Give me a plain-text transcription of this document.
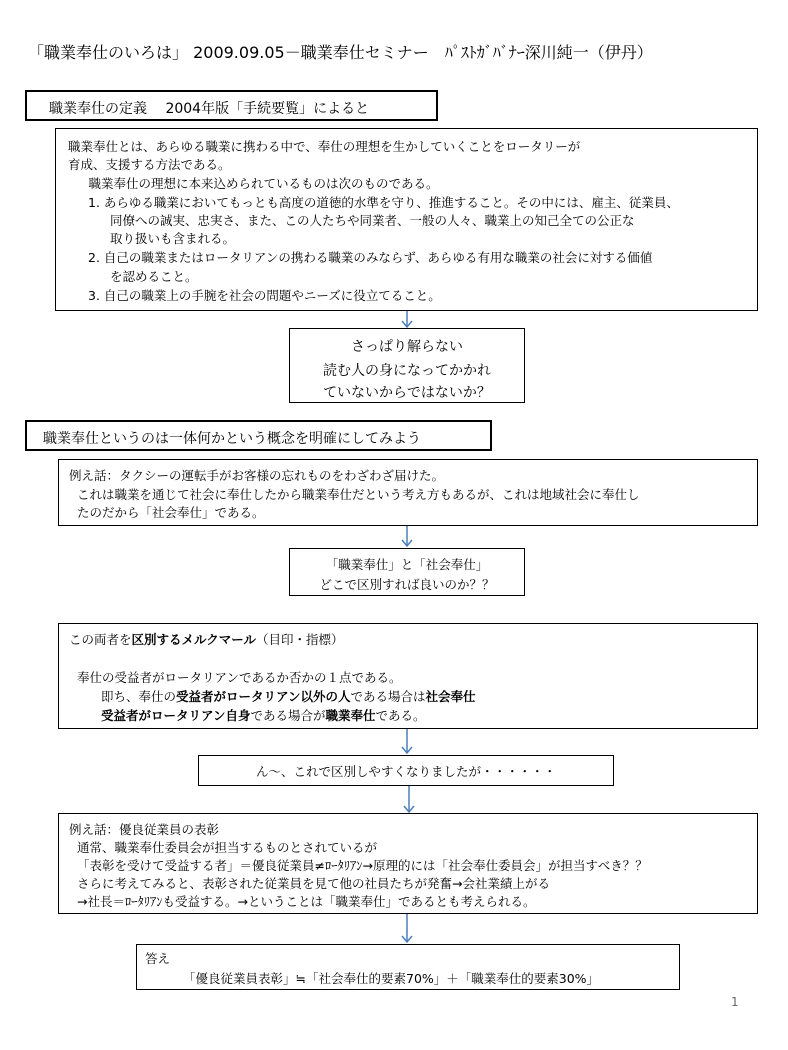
「職業奉仕のいろは」 2009.09.05－職業奉仕セミナー　ﾊﾟｽﾄｶﾞﾊﾞﾅｰ深川純一（伊丹）
職業奉仕の定義　 2004年版「手続要覧」によると
職業奉仕とは、あらゆる職業に携わる中で、奉仕の理想を生かしていくことをロータリーが
育成、支援する方法である。
　職業奉仕の理想に本来込められているものは次のものである。
1. あらゆる職業においてもっとも高度の道徳的水準を守り、推進すること。その中には、雇主、従業員、
同僚への誠実、忠実さ、また、この人たちや同業者、一般の人々、職業上の知己全ての公正な
取り扱いも含まれる。
2. 自己の職業またはロータリアンの携わる職業のみならず、あらゆる有用な職業の社会に対する価値
を認めること。
3. 自己の職業上の手腕を社会の問題やニーズに役立てること。
さっぱり解らない
読む人の身になってかかれ
ていないからではないか？
職業奉仕というのは一体何かという概念を明確にしてみよう
例え話：タクシーの運転手がお客様の忘れものをわざわざ届けた。
これは職業を通じて社会に奉仕したから職業奉仕だという考え方もあるが、これは地域社会に奉仕し
たのだから「社会奉仕」である。
「職業奉仕」と「社会奉仕」
どこで区別すれば良いのか？？
この両者を区別するメルクマール（目印・指標）
奉仕の受益者がロータリアンであるか否かの１点である。
即ち、奉仕の受益者がロータリアン以外の人である場合は社会奉仕
受益者がロータリアン自身である場合が職業奉仕である。
ん～、これで区別しやすくなりましたが・・・・・・
例え話：優良従業員の表彰
通常、職業奉仕委員会が担当するものとされているが
「表彰を受けて受益する者」＝優良従業員≠ﾛｰﾀﾘｱﾝ→原理的には「社会奉仕委員会」が担当すべき？？
さらに考えてみると、表彰された従業員を見て他の社員たちが発奮→会社業績上がる
→社長＝ﾛｰﾀﾘｱﾝも受益する。→ということは「職業奉仕」であるとも考えられる。
答え
「優良従業員表彰」≒「社会奉仕的要素70%」＋「職業奉仕的要素30%」
1
